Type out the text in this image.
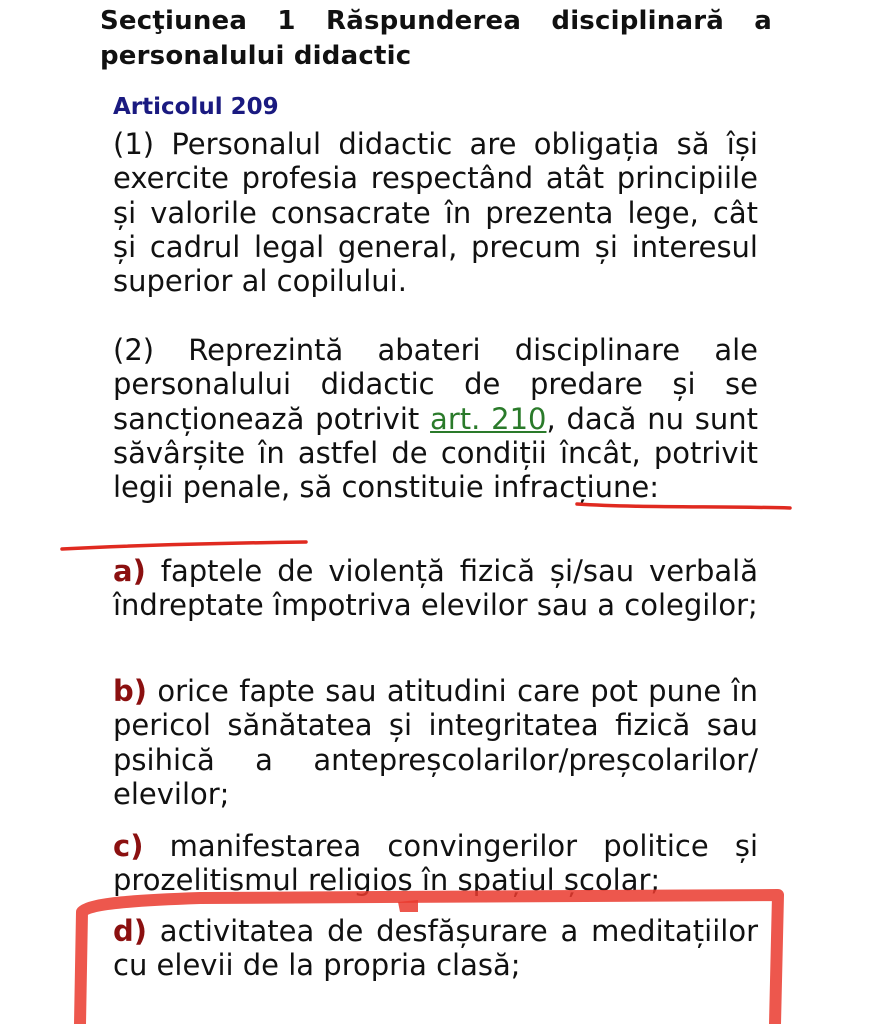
Secţiunea 1 Răspunderea disciplinară a personalului didactic
Articolul 209

(1) Personalul didactic are obligația să își exercite profesia respectând atât principiile și valorile consacrate în prezenta lege, cât și cadrul legal general, precum și interesul superior al copilului.

(2) Reprezintă abateri disciplinare ale personalului didactic de predare și se sancționează potrivit art. 210, dacă nu sunt săvârșite în astfel de condiții încât, potrivit legii penale, să constituie infracțiune:

a) faptele de violență fizică și/sau verbală îndreptate împotriva elevilor sau a colegilor;

b) orice fapte sau atitudini care pot pune în pericol sănătatea și integritatea fizică sau psihică a antepreșcolarilor/preșcolarilor/ elevilor;

c) manifestarea convingerilor politice și prozelitismul religios în spațiul școlar;

d) activitatea de desfășurare a meditațiilor cu elevii de la propria clasă;
